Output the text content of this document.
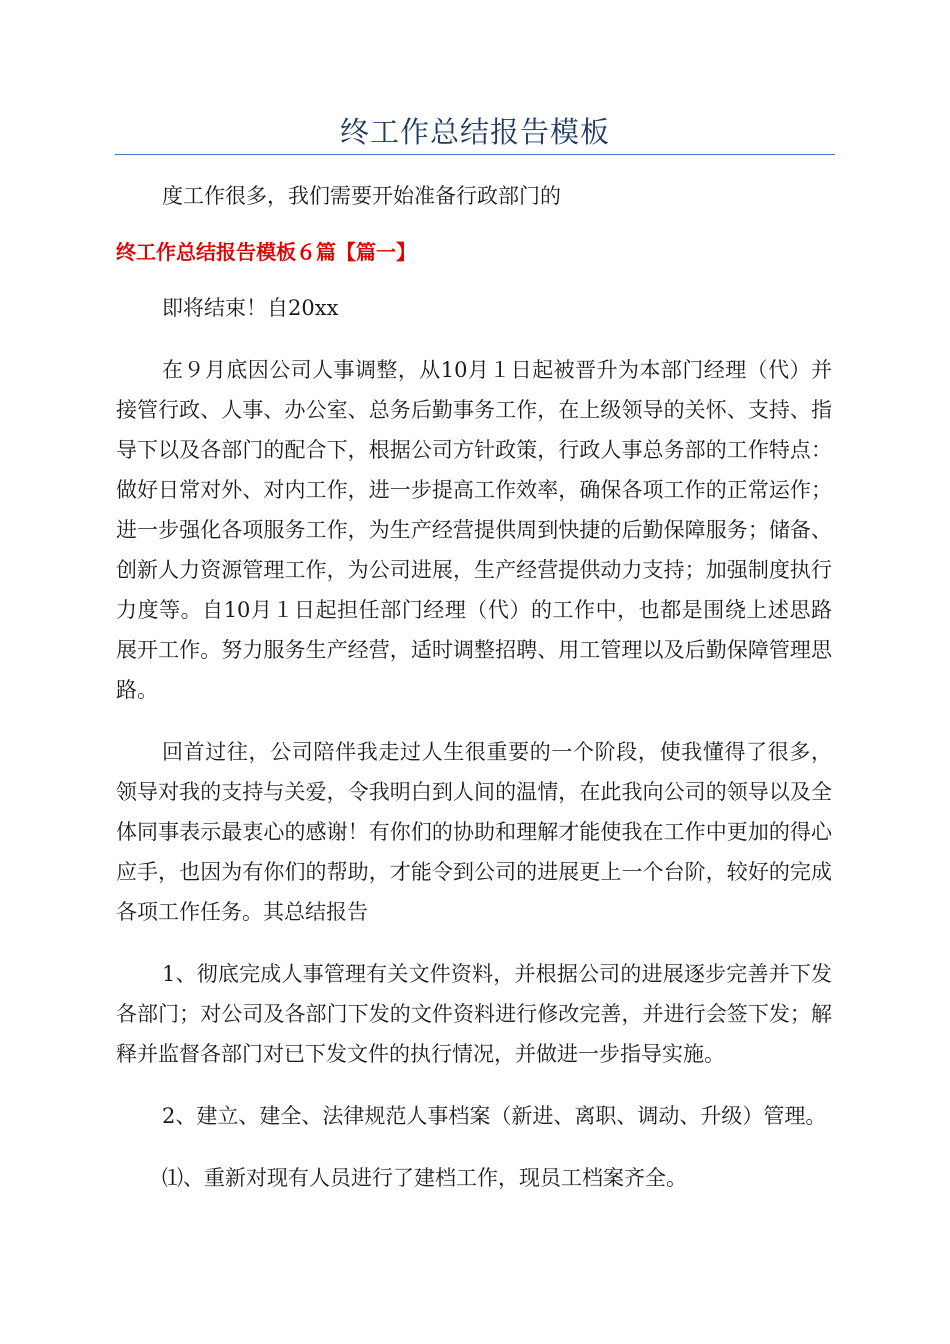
终工作总结报告模板

度工作很多，我们需要开始准备行政部门的

终工作总结报告模板６篇【篇一】

即将结束！自20xx

在９月底因公司人事调整，从10月１日起被晋升为本部门经理（代）并接管行政、人事、办公室、总务后勤事务工作，在上级领导的关怀、支持、指导下以及各部门的配合下，根据公司方针政策，行政人事总务部的工作特点：做好日常对外、对内工作，进一步提高工作效率，确保各项工作的正常运作；进一步强化各项服务工作，为生产经营提供周到快捷的后勤保障服务；储备、创新人力资源管理工作，为公司进展，生产经营提供动力支持；加强制度执行力度等。自10月１日起担任部门经理（代）的工作中，也都是围绕上述思路展开工作。努力服务生产经营，适时调整招聘、用工管理以及后勤保障管理思路。

回首过往，公司陪伴我走过人生很重要的一个阶段，使我懂得了很多，领导对我的支持与关爱，令我明白到人间的温情，在此我向公司的领导以及全体同事表示最衷心的感谢！有你们的协助和理解才能使我在工作中更加的得心应手，也因为有你们的帮助，才能令到公司的进展更上一个台阶，较好的完成各项工作任务。其总结报告

1、彻底完成人事管理有关文件资料，并根据公司的进展逐步完善并下发各部门；对公司及各部门下发的文件资料进行修改完善，并进行会签下发；解释并监督各部门对已下发文件的执行情况，并做进一步指导实施。

2、建立、建全、法律规范人事档案（新进、离职、调动、升级）管理。

⑴、重新对现有人员进行了建档工作，现员工档案齐全。
